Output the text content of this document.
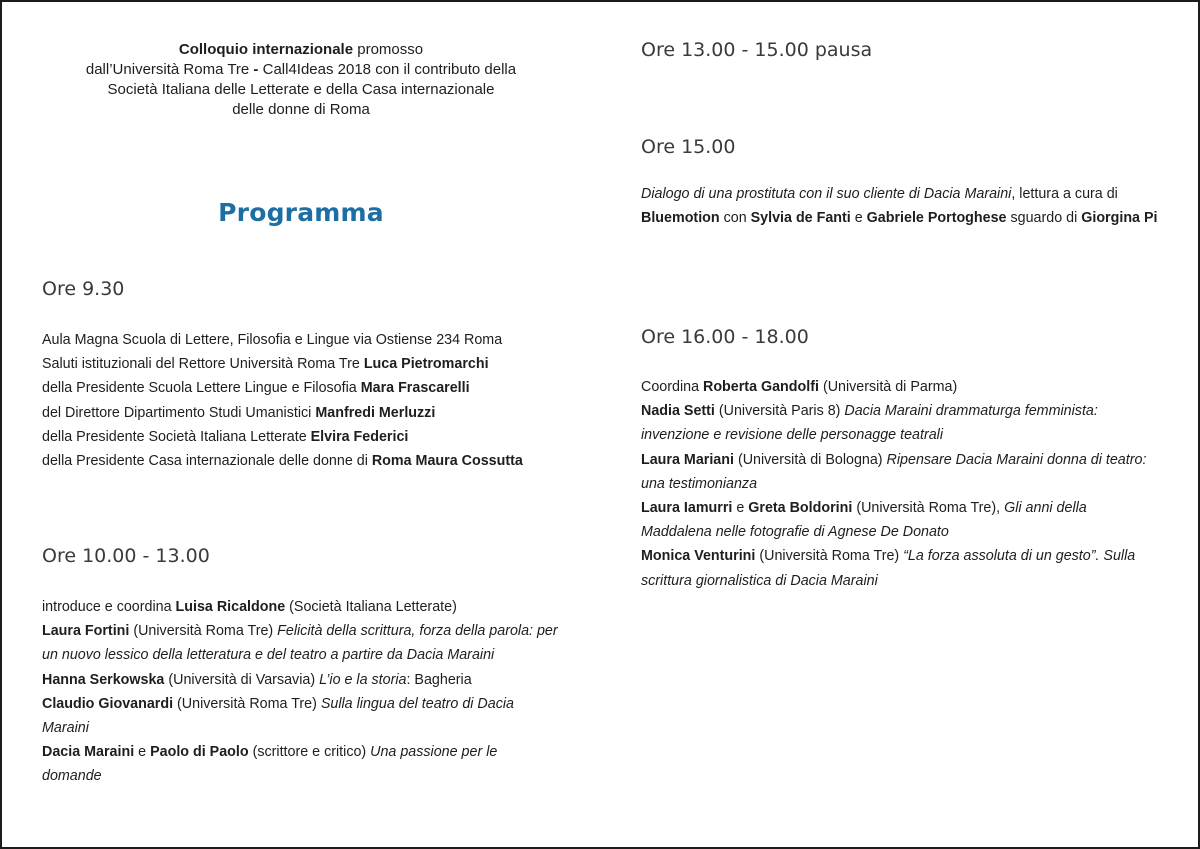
Colloquio internazionale promosso
dall’Università Roma Tre - Call4Ideas 2018 con il contributo della
Società Italiana delle Letterate e della Casa internazionale
delle donne di Roma
Programma
Ore 9.30
Aula Magna Scuola di Lettere, Filosofia e Lingue via Ostiense 234 Roma
Saluti istituzionali del Rettore Università Roma Tre Luca Pietromarchi
della Presidente Scuola Lettere Lingue e Filosofia Mara Frascarelli
del Direttore Dipartimento Studi Umanistici Manfredi Merluzzi
della Presidente Società Italiana Letterate Elvira Federici
della Presidente Casa internazionale delle donne di Roma Maura Cossutta
Ore 10.00 - 13.00
introduce e coordina Luisa Ricaldone (Società Italiana Letterate)
Laura Fortini (Università Roma Tre) Felicità della scrittura, forza della parola: per un nuovo lessico della letteratura e del teatro a partire da Dacia Maraini
Hanna Serkowska (Università di Varsavia) L’io e la storia: Bagheria
Claudio Giovanardi (Università Roma Tre) Sulla lingua del teatro di Dacia Maraini
Dacia Maraini e Paolo di Paolo (scrittore e critico) Una passione per le domande
Ore 13.00 - 15.00 pausa
Ore 15.00
Dialogo di una prostituta con il suo cliente di Dacia Maraini, lettura a cura di Bluemotion con Sylvia de Fanti e Gabriele Portoghese sguardo di Giorgina Pi
Ore 16.00 - 18.00
Coordina Roberta Gandolfi (Università di Parma)
Nadia Setti (Università Paris 8) Dacia Maraini drammaturga femminista: invenzione e revisione delle personagge teatrali
Laura Mariani (Università di Bologna) Ripensare Dacia Maraini donna di teatro: una testimonianza
Laura Iamurri e Greta Boldorini (Università Roma Tre), Gli anni della Maddalena nelle fotografie di Agnese De Donato
Monica Venturini (Università Roma Tre) “La forza assoluta di un gesto”. Sulla scrittura giornalistica di Dacia Maraini
